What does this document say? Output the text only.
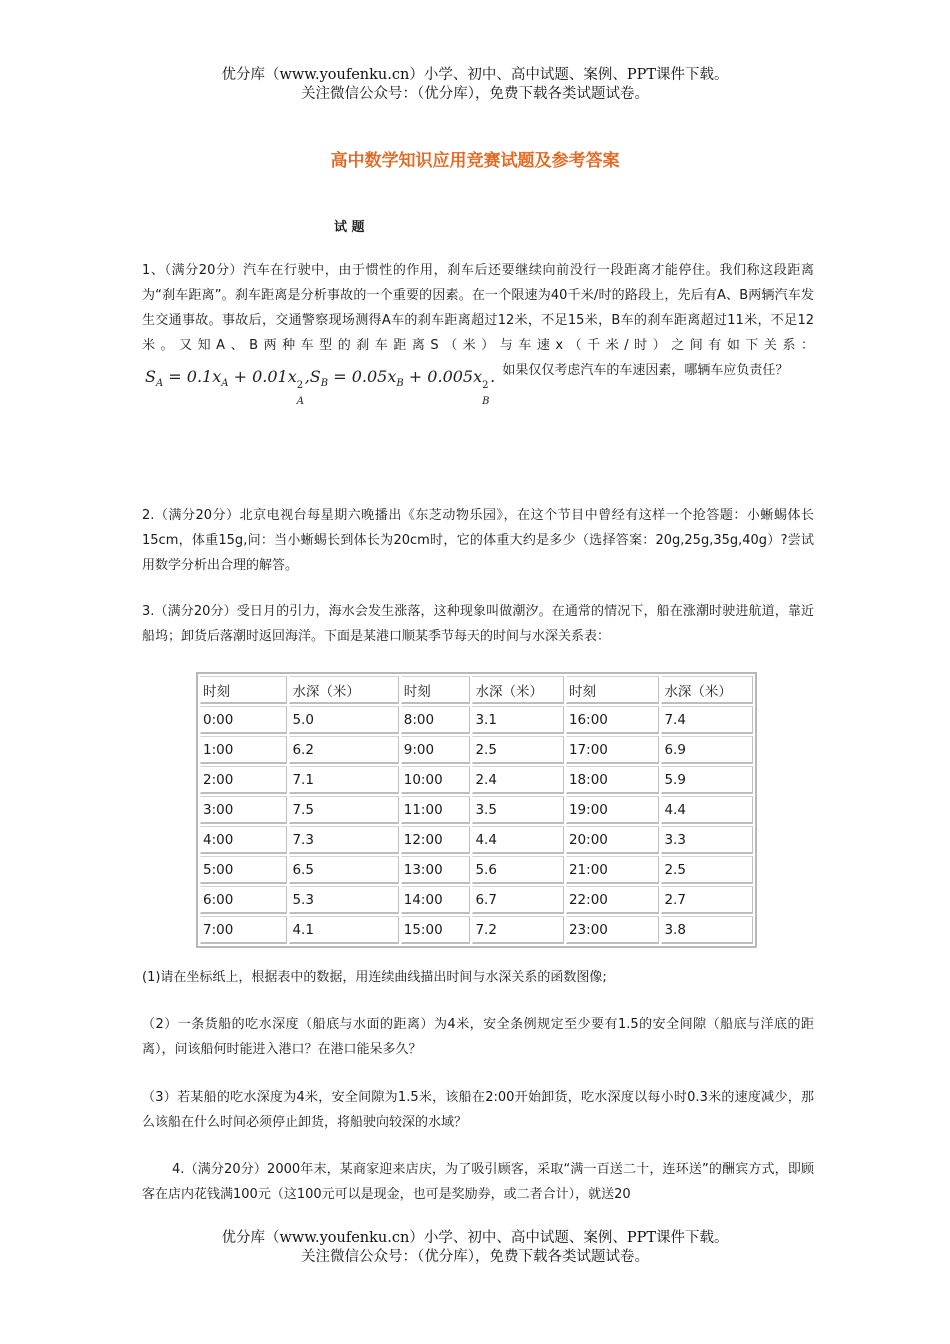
优分库（www.youfenku.cn）小学、初中、高中试题、案例、PPT课件下载。
关注微信公众号：（优分库），免费下载各类试题试卷。
高中数学知识应用竞赛试题及参考答案
试 题

1、（满分20分）汽车在行驶中，由于惯性的作用，刹车后还要继续向前没行一段距离才能停住。我们称这段距离为“刹车距离”。刹车距离是分析事故的一个重要的因素。在一个限速为40千米/时的路段上，先后有A、B两辆汽车发生交通事故。事故后，交通警察现场测得A车的刹车距离超过12米，不足15米，B车的刹车距离超过11米，不足12米。又知A、B两种车型的刹车距离S（米）与车速x（千米/时）之间有如下关系：$S_A = 0.1x_A + 0.01x$ 2
A
$,S_B = 0.05x_B + 0.005x$ 2
B
. 如果仅仅考虑汽车的车速因素，哪辆车应负责任？

2.（满分20分）北京电视台每星期六晚播出《东芝动物乐园》，在这个节目中曾经有这样一个抢答题：小蜥蜴体长15cm，体重15g,问：当小蜥蜴长到体长为20cm时，它的体重大约是多少（选择答案：20g,25g,35g,40g）?尝试用数学分析出合理的解答。

3.（满分20分）受日月的引力，海水会发生涨落，这种现象叫做潮汐。在通常的情况下，船在涨潮时驶进航道，靠近船坞；卸货后落潮时返回海洋。下面是某港口顺某季节每天的时间与水深关系表：

时刻	水深（米）	时刻	水深（米）	时刻	水深（米）
0:00	5.0	8:00	3.1	16:00	7.4
1:00	6.2	9:00	2.5	17:00	6.9
2:00	7.1	10:00	2.4	18:00	5.9
3:00	7.5	11:00	3.5	19:00	4.4
4:00	7.3	12:00	4.4	20:00	3.3
5:00	6.5	13:00	5.6	21:00	2.5
6:00	5.3	14:00	6.7	22:00	2.7
7:00	4.1	15:00	7.2	23:00	3.8

(1)请在坐标纸上，根据表中的数据，用连续曲线描出时间与水深关系的函数图像;

（2）一条货船的吃水深度（船底与水面的距离）为4米，安全条例规定至少要有1.5的安全间隙（船底与洋底的距离），问该船何时能进入港口？在港口能呆多久？

（3）若某船的吃水深度为4米，安全间隙为1.5米，该船在2:00开始卸货，吃水深度以每小时0.3米的速度减少，那么该船在什么时间必须停止卸货，将船驶向较深的水域？

4.（满分20分）2000年末，某商家迎来店庆，为了吸引顾客，采取“满一百送二十，连环送”的酬宾方式，即顾客在店内花钱满100元（这100元可以是现金，也可是奖励券，或二者合计），就送20

优分库（www.youfenku.cn）小学、初中、高中试题、案例、PPT课件下载。
关注微信公众号：（优分库），免费下载各类试题试卷。
